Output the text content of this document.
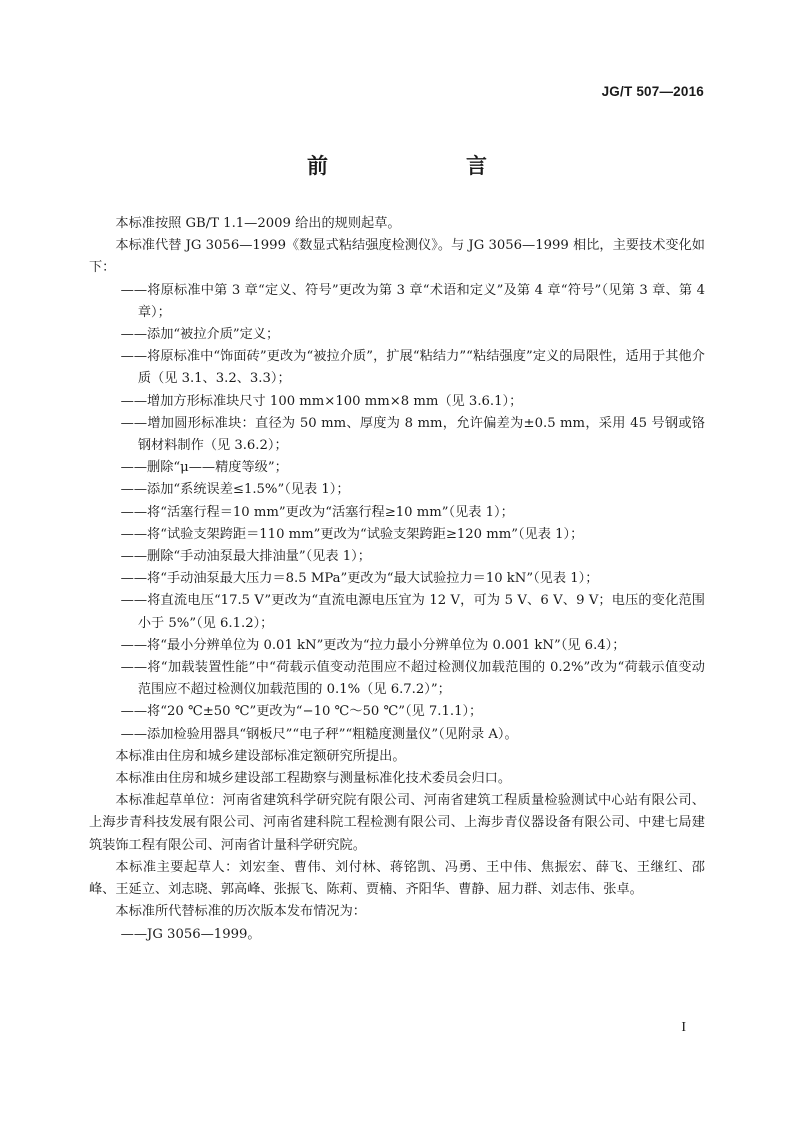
JG/T 507—2016
前　　言

本标准按照 GB/T 1.1—2009 给出的规则起草。

本标准代替 JG 3056—1999《数显式粘结强度检测仪》。与 JG 3056—1999 相比，主要技术变化如下：

——将原标准中第 3 章“定义、符号”更改为第 3 章“术语和定义”及第 4 章“符号”（见第 3 章、第 4 章）；

——添加“被拉介质”定义；

——将原标准中“饰面砖”更改为“被拉介质”，扩展“粘结力”“粘结强度”定义的局限性，适用于其他介质（见 3.1、3.2、3.3）；

——增加方形标准块尺寸 100 mm×100 mm×8 mm（见 3.6.1）；

——增加圆形标准块：直径为 50 mm、厚度为 8 mm，允许偏差为±0.5 mm，采用 45 号钢或铬钢材料制作（见 3.6.2）；

——删除“μ——精度等级”；

——添加“系统误差≤1.5%”（见表 1）；

——将“活塞行程＝10 mm”更改为“活塞行程≥10 mm”（见表 1）；

——将“试验支架跨距＝110 mm”更改为“试验支架跨距≥120 mm”（见表 1）；

——删除“手动油泵最大排油量”（见表 1）；

——将“手动油泵最大压力＝8.5 MPa”更改为“最大试验拉力＝10 kN”（见表 1）；

——将直流电压“17.5 V”更改为“直流电源电压宜为 12 V，可为 5 V、6 V、9 V；电压的变化范围小于 5%”（见 6.1.2）；

——将“最小分辨单位为 0.01 kN”更改为“拉力最小分辨单位为 0.001 kN”（见 6.4）；

——将“加载装置性能”中“荷载示值变动范围应不超过检测仪加载范围的 0.2%”改为“荷载示值变动范围应不超过检测仪加载范围的 0.1%（见 6.7.2）”；

——将“20 ℃±50 ℃”更改为“−10 ℃～50 ℃”（见 7.1.1）；

——添加检验用器具“钢板尺”“电子秤”“粗糙度测量仪”（见附录 A）。

本标准由住房和城乡建设部标准定额研究所提出。

本标准由住房和城乡建设部工程勘察与测量标准化技术委员会归口。

本标准起草单位：河南省建筑科学研究院有限公司、河南省建筑工程质量检验测试中心站有限公司、上海步青科技发展有限公司、河南省建科院工程检测有限公司、上海步青仪器设备有限公司、中建七局建筑装饰工程有限公司、河南省计量科学研究院。

本标准主要起草人：刘宏奎、曹伟、刘付林、蒋铭凯、冯勇、王中伟、焦振宏、薛飞、王继红、邵峰、王延立、刘志晓、郭高峰、张振飞、陈莉、贾楠、齐阳华、曹静、屈力群、刘志伟、张卓。

本标准所代替标准的历次版本发布情况为：

——JG 3056—1999。

I
